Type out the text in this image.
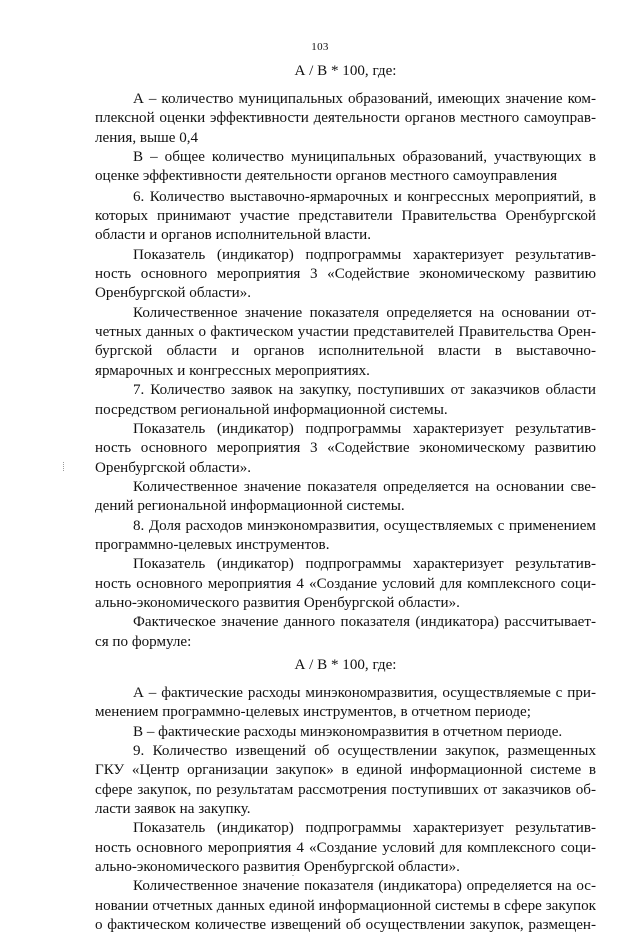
103
А / В * 100, где:
А – количество муниципальных образований, имеющих значение ком-
плексной оценки эффективности деятельности органов местного самоупрaв-
ления, выше 0,4
В – общее количество муниципальных образований, участвующих в
оценке эффективности деятельности органов местного самоуправления
6. Количество выставочно-ярмарочных и конгрессных мероприятий, в
которых принимают участие представители Правительства Оренбургской
области и органов исполнительной власти.
Показатель (индикатор) подпрограммы характеризует результатив-
ность основного мероприятия 3 «Содействие экономическому развитию
Оренбургской области».
Количественное значение показателя определяется на основании от-
четных данных о фактическом участии представителей Правительства Орен-
бургской области и органов исполнительной власти в выставочно-
ярмарочных и конгрессных мероприятиях.
7. Количество заявок на закупку, поступивших от заказчиков области
посредством региональной информационной системы.
Показатель (индикатор) подпрограммы характеризует результатив-
ность основного мероприятия 3 «Содействие экономическому развитию
Оренбургской области».
Количественное значение показателя определяется на основании све-
дений региональной информационной системы.
8. Доля расходов минэкономразвития, осуществляемых с применением
программно-целевых инструментов.
Показатель (индикатор) подпрограммы характеризует результатив-
ность основного мероприятия 4 «Создание условий для комплексного соци-
ально-экономического развития Оренбургской области».
Фактическое значение данного показателя (индикатора) рассчитывает-
ся по формуле:
А / В * 100, где:
А – фактические расходы минэкономразвития, осуществляемые с при-
менением программно-целевых инструментов, в отчетном периоде;
В – фактические расходы минэкономразвития в отчетном периоде.
9. Количество извещений об осуществлении закупок, размещенных
ГКУ «Центр организации закупок» в единой информационной системе в
сфере закупок, по результатам рассмотрения поступивших от заказчиков об-
ласти заявок на закупку.
Показатель (индикатор) подпрограммы характеризует результатив-
ность основного мероприятия 4 «Создание условий для комплексного соци-
ально-экономического развития Оренбургской области».
Количественное значение показателя (индикатора) определяется на ос-
новании отчетных данных единой информационной системы в сфере закупок
о фактическом количестве извещений об осуществлении закупок, размещен-
